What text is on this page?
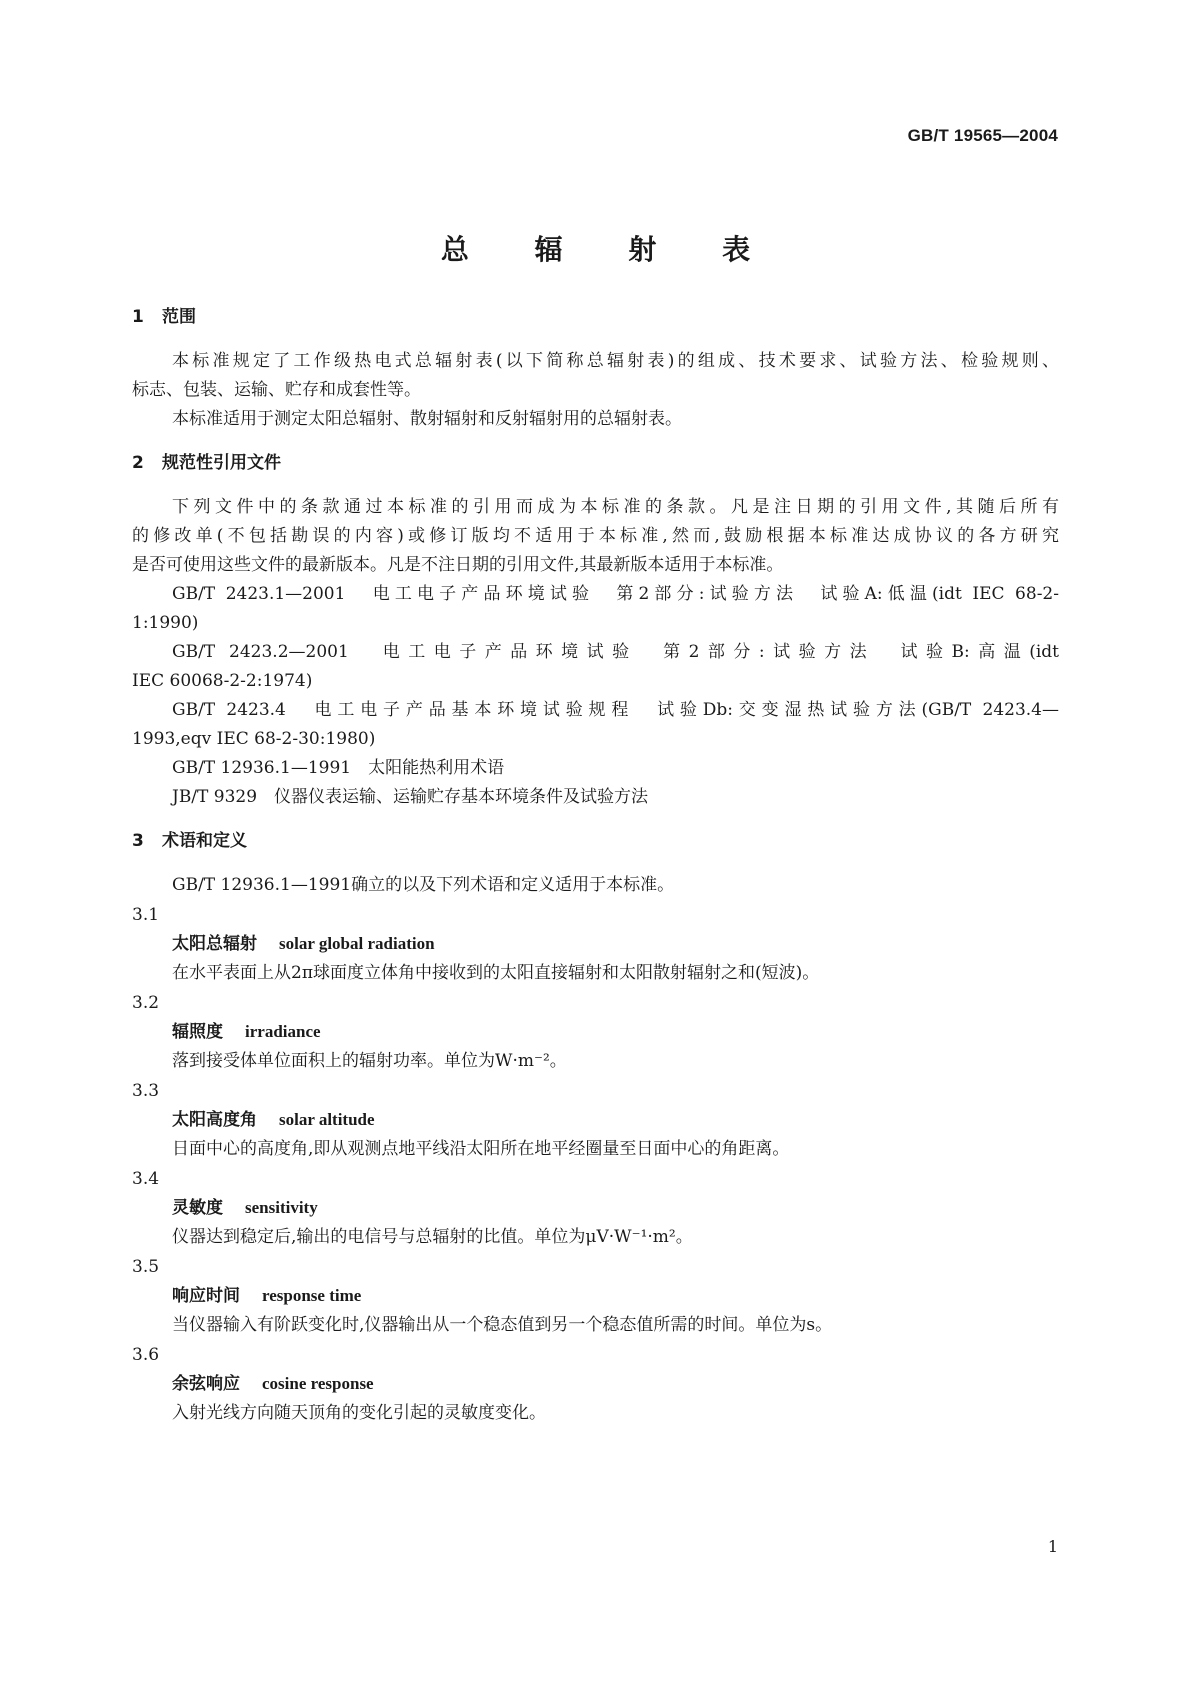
GB/T 19565—2004
总 辐 射 表
1 范围
本标准规定了工作级热电式总辐射表(以下简称总辐射表)的组成、技术要求、试验方法、检验规则、
标志、包装、运输、贮存和成套性等。
本标准适用于测定太阳总辐射、散射辐射和反射辐射用的总辐射表。
2 规范性引用文件
下列文件中的条款通过本标准的引用而成为本标准的条款。凡是注日期的引用文件,其随后所有
的修改单(不包括勘误的内容)或修订版均不适用于本标准,然而,鼓励根据本标准达成协议的各方研究
是否可使用这些文件的最新版本。凡是不注日期的引用文件,其最新版本适用于本标准。
GB/T 2423.1—2001　电工电子产品环境试验　第2部分:试验方法　试验A:低温(idt IEC 68-2-
1:1990)
GB/T 2423.2—2001　电工电子产品环境试验　第2部分:试验方法　试验B:高温(idt
IEC 60068-2-2:1974)
GB/T 2423.4　电工电子产品基本环境试验规程　试验Db:交变湿热试验方法(GB/T 2423.4—
1993,eqv IEC 68-2-30:1980)
GB/T 12936.1—1991　太阳能热利用术语
JB/T 9329　仪器仪表运输、运输贮存基本环境条件及试验方法
3 术语和定义
GB/T 12936.1—1991确立的以及下列术语和定义适用于本标准。
3.1
太阳总辐射 solar global radiation
在水平表面上从2π球面度立体角中接收到的太阳直接辐射和太阳散射辐射之和(短波)。
3.2
辐照度 irradiance
落到接受体单位面积上的辐射功率。单位为W·m⁻²。
3.3
太阳高度角 solar altitude
日面中心的高度角,即从观测点地平线沿太阳所在地平经圈量至日面中心的角距离。
3.4
灵敏度 sensitivity
仪器达到稳定后,输出的电信号与总辐射的比值。单位为μV·W⁻¹·m²。
3.5
响应时间 response time
当仪器输入有阶跃变化时,仪器输出从一个稳态值到另一个稳态值所需的时间。单位为s。
3.6
余弦响应 cosine response
入射光线方向随天顶角的变化引起的灵敏度变化。
1
